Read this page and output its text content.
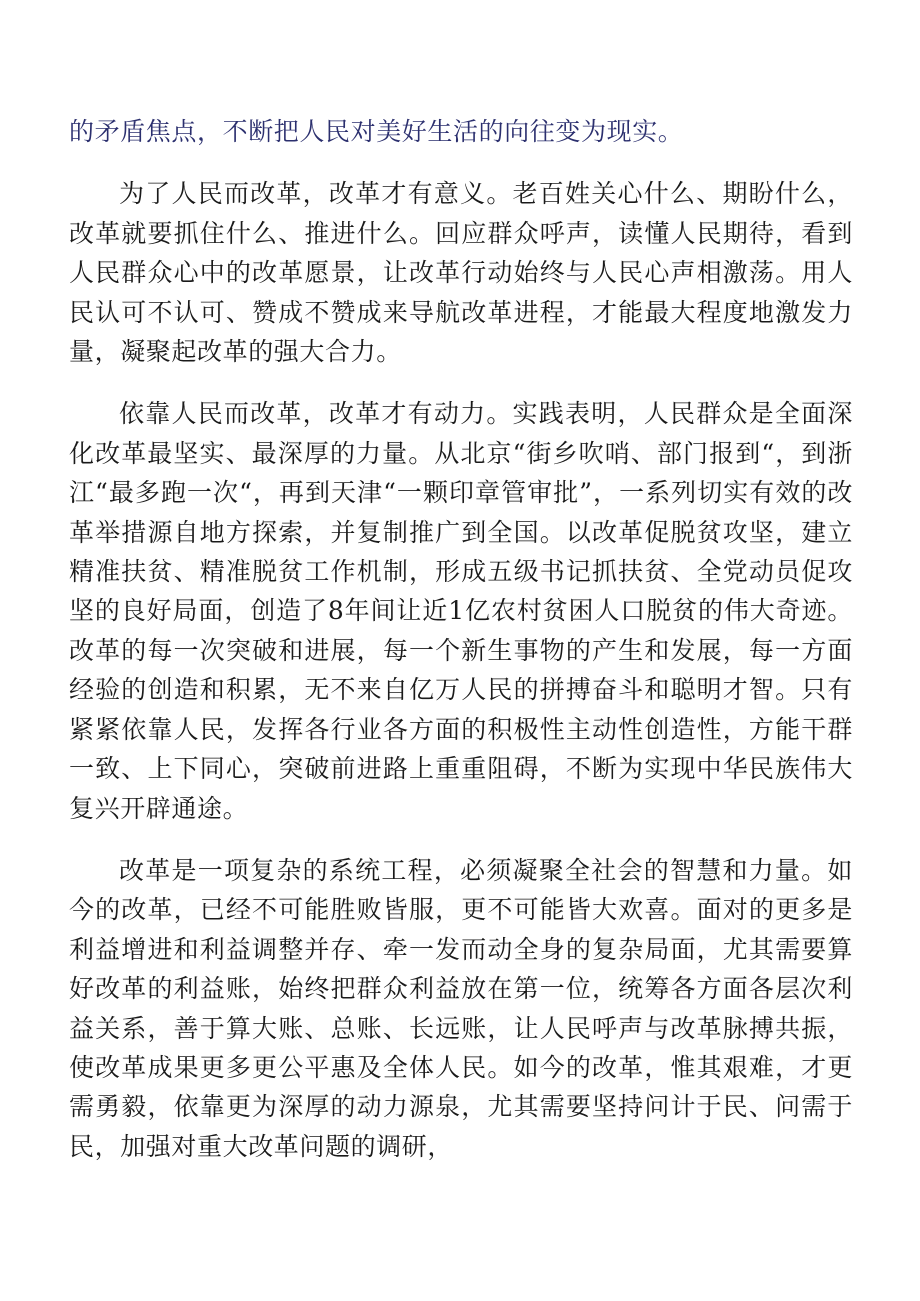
的矛盾焦点，不断把人民对美好生活的向往变为现实。

为了人民而改革，改革才有意义。老百姓关心什么、期盼什么，改革就要抓住什么、推进什么。回应群众呼声，读懂人民期待，看到人民群众心中的改革愿景，让改革行动始终与人民心声相激荡。用人民认可不认可、赞成不赞成来导航改革进程，才能最大程度地激发力量，凝聚起改革的强大合力。

依靠人民而改革，改革才有动力。实践表明，人民群众是全面深化改革最坚实、最深厚的力量。从北京“街乡吹哨、部门报到“，到浙江“最多跑一次“，再到天津“一颗印章管审批”，一系列切实有效的改革举措源自地方探索，并复制推广到全国。以改革促脱贫攻坚，建立精准扶贫、精准脱贫工作机制，形成五级书记抓扶贫、全党动员促攻坚的良好局面，创造了8年间让近1亿农村贫困人口脱贫的伟大奇迹。改革的每一次突破和进展，每一个新生事物的产生和发展，每一方面经验的创造和积累，无不来自亿万人民的拼搏奋斗和聪明才智。只有紧紧依靠人民，发挥各行业各方面的积极性主动性创造性，方能干群一致、上下同心，突破前进路上重重阻碍，不断为实现中华民族伟大复兴开辟通途。

改革是一项复杂的系统工程，必须凝聚全社会的智慧和力量。如今的改革，已经不可能胜败皆服，更不可能皆大欢喜。面对的更多是利益增进和利益调整并存、牵一发而动全身的复杂局面，尤其需要算好改革的利益账，始终把群众利益放在第一位，统筹各方面各层次利益关系，善于算大账、总账、长远账，让人民呼声与改革脉搏共振，使改革成果更多更公平惠及全体人民。如今的改革，惟其艰难，才更需勇毅，依靠更为深厚的动力源泉，尤其需要坚持问计于民、问需于民，加强对重大改革问题的调研，
